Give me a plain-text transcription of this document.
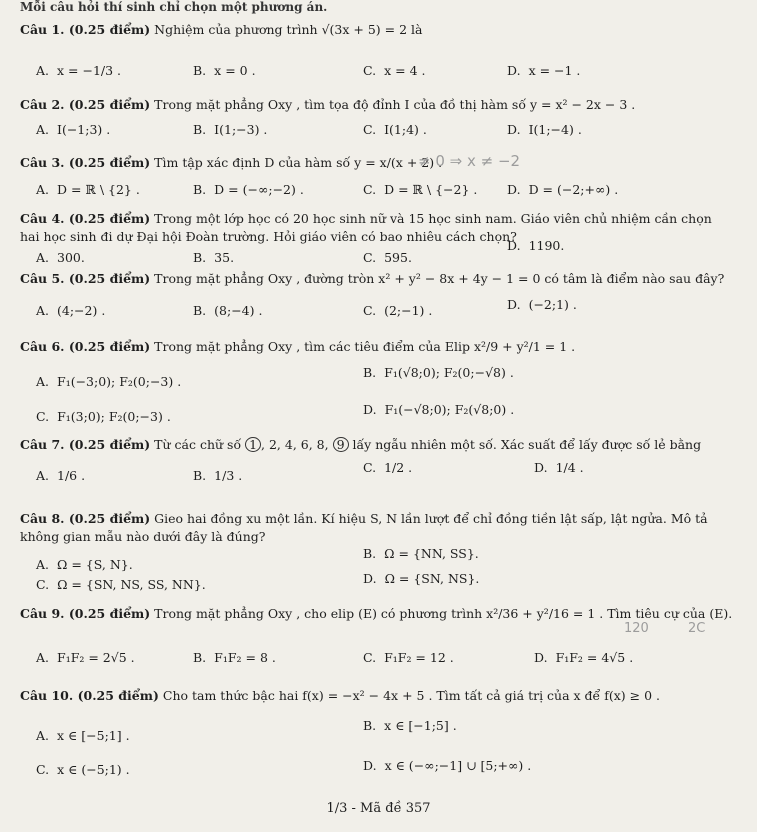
Mỗi câu hỏi thí sinh chỉ chọn một phương án.
Câu 1. (0.25 điểm) Nghiệm của phương trình √(3x + 5) = 2 là
A. x = −1/3 .	B. x = 0 .	C. x = 4 .	D. x = −1 .
Câu 2. (0.25 điểm) Trong mặt phẳng Oxy , tìm tọa độ đỉnh I của đồ thị hàm số y = x² − 2x − 3 .
A. I(−1;3) .	B. I(1;−3) .	C. I(1;4) .	D. I(1;−4) .
Câu 3. (0.25 điểm) Tìm tập xác định D của hàm số y = x/(x + 2) .
≠ 0 ⇒ x ≠ −2
A. D = ℝ \ {2} .	B. D = (−∞;−2) .	C. D = ℝ \ {−2} . D. D = (−2;+∞) .
Câu 4. (0.25 điểm) Trong một lớp học có 20 học sinh nữ và 15 học sinh nam. Giáo viên chủ nhiệm cần chọn
hai học sinh đi dự Đại hội Đoàn trường. Hỏi giáo viên có bao nhiêu cách chọn?
A. 300.	B. 35.	C. 595.
D. 1190.
Câu 5. (0.25 điểm) Trong mặt phẳng Oxy , đường tròn x² + y² − 8x + 4y − 1 = 0 có tâm là điểm nào sau đây?
A. (4;−2) .	B. (8;−4) .	C. (2;−1) .	D. (−2;1) .
Câu 6. (0.25 điểm) Trong mặt phẳng Oxy , tìm các tiêu điểm của Elip x²/9 + y²/1 = 1 .
A. F₁(−3;0); F₂(0;−3) .
B. F₁(√8;0); F₂(0;−√8) .
C. F₁(3;0); F₂(0;−3) .	D. F₁(−√8;0); F₂(√8;0) .
Câu 7. (0.25 điểm) Từ các chữ số 1 , 2, 4, 6, 8, 9 lấy ngẫu nhiên một số. Xác suất để lấy được số lẻ bằng
A. 1/6 .	B. 1/3 .
C. 1/2 .	D. 1/4 .
Câu 8. (0.25 điểm) Gieo hai đồng xu một lần. Kí hiệu S, N lần lượt để chỉ đồng tiền lật sấp, lật ngửa. Mô tả
không gian mẫu nào dưới đây là đúng?
A. Ω = {S, N}.
B. Ω = {NN, SS}.
C. Ω = {SN, NS, SS, NN}.	D. Ω = {SN, NS}.
Câu 9. (0.25 điểm) Trong mặt phẳng Oxy , cho elip (E) có phương trình x²/36 + y²/16 = 1 . Tìm tiêu cự của (E).
120	2C
A. F₁F₂ = 2√5 .	B. F₁F₂ = 8 .	C. F₁F₂ = 12 .	D. F₁F₂ = 4√5 .
Câu 10. (0.25 điểm) Cho tam thức bậc hai f(x) = −x² − 4x + 5 . Tìm tất cả giá trị của x để f(x) ≥ 0 .
A. x ∈ [−5;1] .
B. x ∈ [−1;5] .
C. x ∈ (−5;1) .	D. x ∈ (−∞;−1] ∪ [5;+∞) .
1/3 - Mã đề 357
